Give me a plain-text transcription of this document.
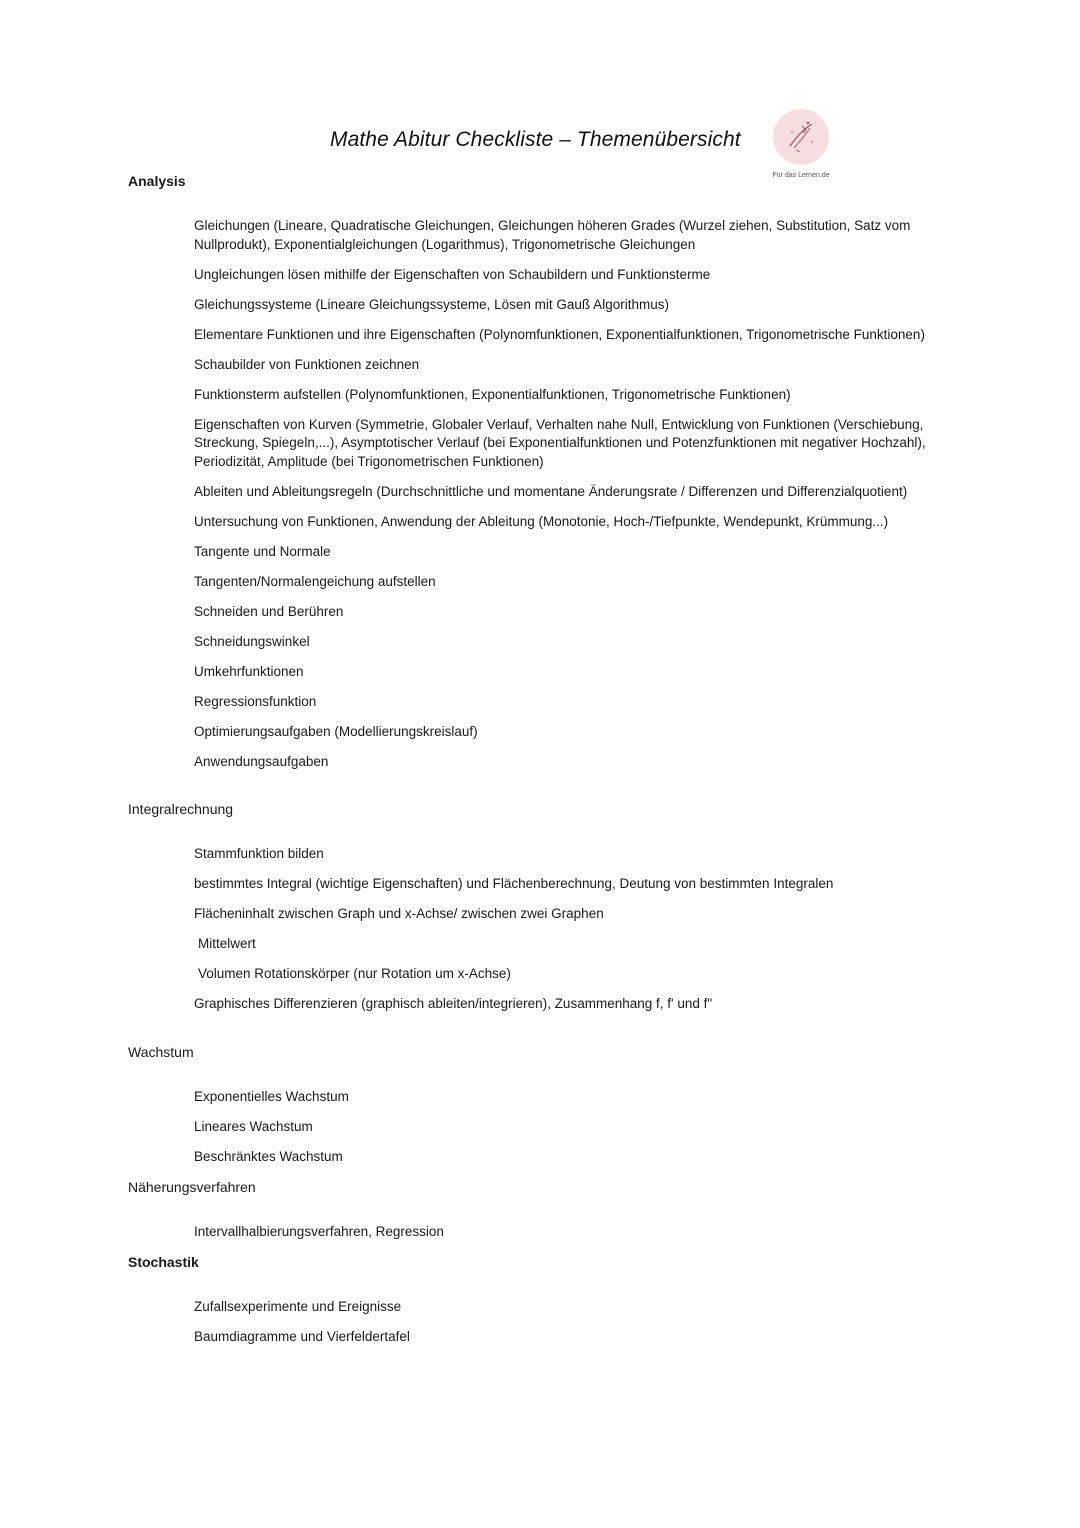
Mathe Abitur Checkliste – Themenübersicht
Für das Lernen.de
Analysis
Gleichungen (Lineare, Quadratische Gleichungen, Gleichungen höheren Grades (Wurzel ziehen, Substitution, Satz vom Nullprodukt), Exponentialgleichungen (Logarithmus), Trigonometrische Gleichungen
Ungleichungen lösen mithilfe der Eigenschaften von Schaubildern und Funktionsterme
Gleichungssysteme (Lineare Gleichungssysteme, Lösen mit Gauß Algorithmus)
Elementare Funktionen und ihre Eigenschaften (Polynomfunktionen, Exponentialfunktionen, Trigonometrische Funktionen)
Schaubilder von Funktionen zeichnen
Funktionsterm aufstellen (Polynomfunktionen, Exponentialfunktionen, Trigonometrische Funktionen)
Eigenschaften von Kurven (Symmetrie, Globaler Verlauf, Verhalten nahe Null, Entwicklung von Funktionen (Verschiebung, Streckung, Spiegeln,...), Asymptotischer Verlauf (bei Exponentialfunktionen und Potenzfunktionen mit negativer Hochzahl), Periodizität, Amplitude (bei Trigonometrischen Funktionen)
Ableiten und Ableitungsregeln (Durchschnittliche und momentane Änderungsrate / Differenzen und Differenzialquotient)
Untersuchung von Funktionen, Anwendung der Ableitung (Monotonie, Hoch-/Tiefpunkte, Wendepunkt, Krümmung...)
Tangente und Normale
Tangenten/Normalengeichung aufstellen
Schneiden und Berühren
Schneidungswinkel
Umkehrfunktionen
Regressionsfunktion
Optimierungsaufgaben (Modellierungskreislauf)
Anwendungsaufgaben
Integralrechnung
Stammfunktion bilden
bestimmtes Integral (wichtige Eigenschaften) und Flächenberechnung, Deutung von bestimmten Integralen
Flächeninhalt zwischen Graph und x-Achse/ zwischen zwei Graphen
Mittelwert
Volumen Rotationskörper (nur Rotation um x-Achse)
Graphisches Differenzieren (graphisch ableiten/integrieren), Zusammenhang f, f' und f"
Wachstum
Exponentielles Wachstum
Lineares Wachstum
Beschränktes Wachstum
Näherungsverfahren
Intervallhalbierungsverfahren, Regression
Stochastik
Zufallsexperimente und Ereignisse
Baumdiagramme und Vierfeldertafel
